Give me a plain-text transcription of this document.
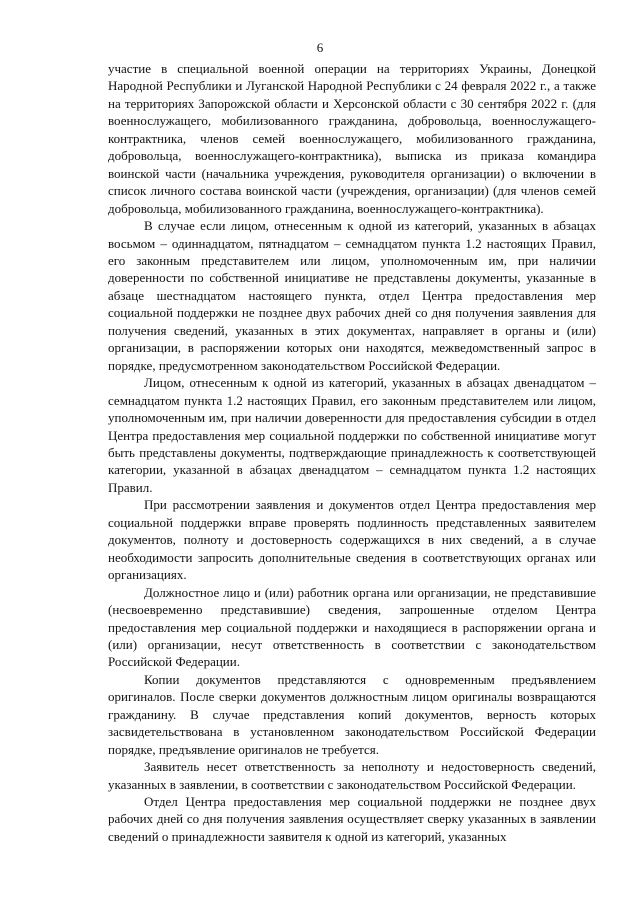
6

участие в специальной военной операции на территориях Украины, Донецкой Народной Республики и Луганской Народной Республики с 24 февраля 2022 г., а также на территориях Запорожской области и Херсонской области с 30 сентября 2022 г. (для военнослужащего, мобилизованного гражданина, добровольца, военнослужащего-контрактника, членов семей военнослужащего, мобилизованного гражданина, добровольца, военнослужащего-контрактника), выписка из приказа командира воинской части (начальника учреждения, руководителя организации) о включении в список личного состава воинской части (учреждения, организации) (для членов семей добровольца, мобилизованного гражданина, военнослужащего-контрактника).

В случае если лицом, отнесенным к одной из категорий, указанных в абзацах восьмом – одиннадцатом, пятнадцатом – семнадцатом пункта 1.2 настоящих Правил, его законным представителем или лицом, уполномоченным им, при наличии доверенности по собственной инициативе не представлены документы, указанные в абзаце шестнадцатом настоящего пункта, отдел Центра предоставления мер социальной поддержки не позднее двух рабочих дней со дня получения заявления для получения сведений, указанных в этих документах, направляет в органы и (или) организации, в распоряжении которых они находятся, межведомственный запрос в порядке, предусмотренном законодательством Российской Федерации.

Лицом, отнесенным к одной из категорий, указанных в абзацах двенадцатом – семнадцатом пункта 1.2 настоящих Правил, его законным представителем или лицом, уполномоченным им, при наличии доверенности для предоставления субсидии в отдел Центра предоставления мер социальной поддержки по собственной инициативе могут быть представлены документы, подтверждающие принадлежность к соответствующей категории, указанной в абзацах двенадцатом – семнадцатом пункта 1.2 настоящих Правил.

При рассмотрении заявления и документов отдел Центра предоставления мер социальной поддержки вправе проверять подлинность представленных заявителем документов, полноту и достоверность содержащихся в них сведений, а в случае необходимости запросить дополнительные сведения в соответствующих органах или организациях.

Должностное лицо и (или) работник органа или организации, не представившие (несвоевременно представившие) сведения, запрошенные отделом Центра предоставления мер социальной поддержки и находящиеся в распоряжении органа и (или) организации, несут ответственность в соответствии с законодательством Российской Федерации.

Копии документов представляются с одновременным предъявлением оригиналов. После сверки документов должностным лицом оригиналы возвращаются гражданину. В случае представления копий документов, верность которых засвидетельствована в установленном законодательством Российской Федерации порядке, предъявление оригиналов не требуется.

Заявитель несет ответственность за неполноту и недостоверность сведений, указанных в заявлении, в соответствии с законодательством Российской Федерации.

Отдел Центра предоставления мер социальной поддержки не позднее двух рабочих дней со дня получения заявления осуществляет сверку указанных в заявлении сведений о принадлежности заявителя к одной из категорий, указанных
